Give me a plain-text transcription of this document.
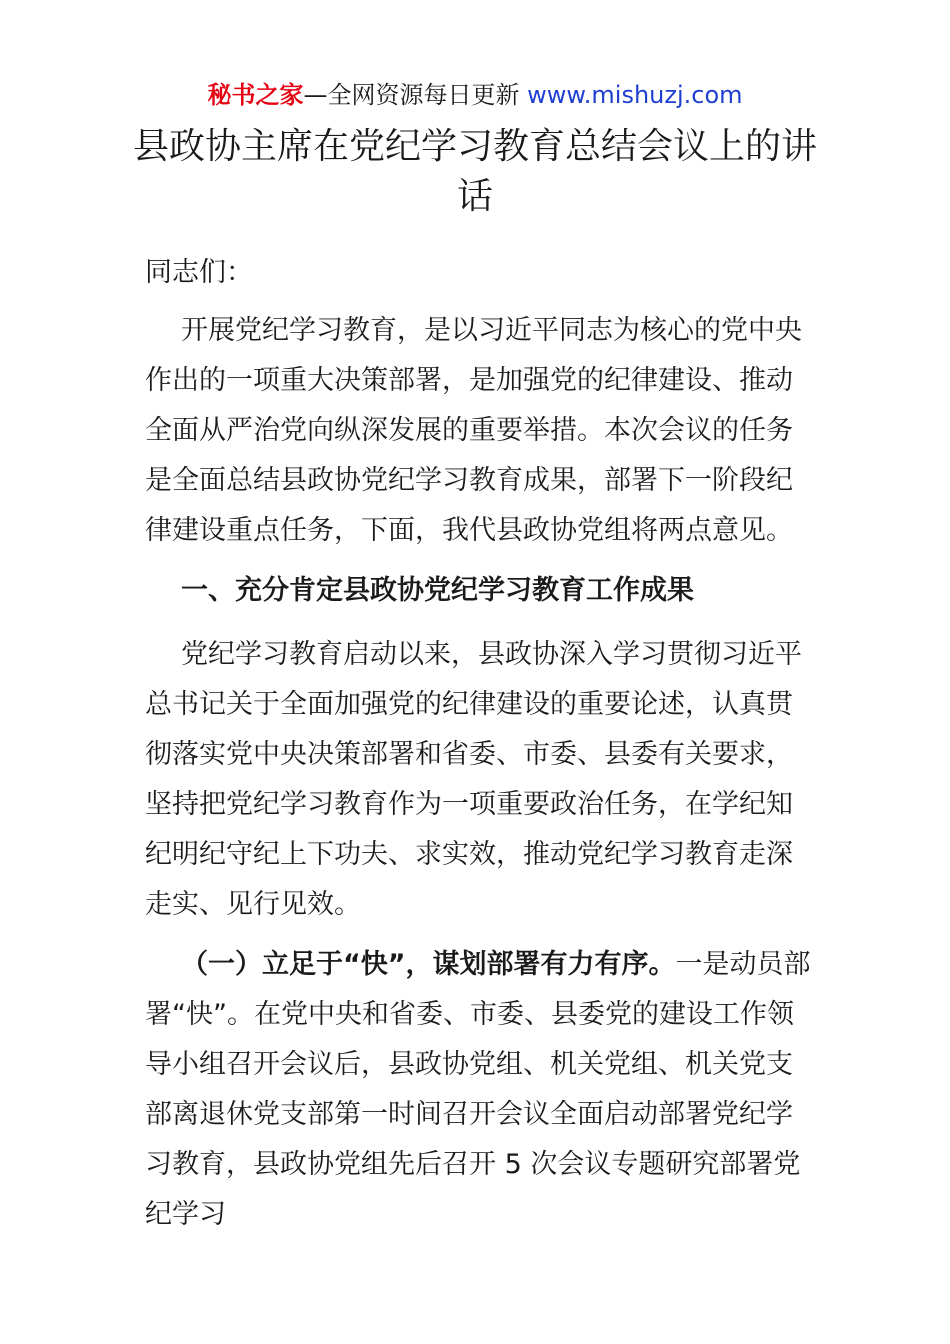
秘书之家—全网资源每日更新 www.mishuzj.com
县政协主席在党纪学习教育总结会议上的讲话

同志们：

开展党纪学习教育，是以习近平同志为核心的党中央作出的一项重大决策部署，是加强党的纪律建设、推动全面从严治党向纵深发展的重要举措。本次会议的任务是全面总结县政协党纪学习教育成果，部署下一阶段纪律建设重点任务，下面，我代县政协党组将两点意见。

一、充分肯定县政协党纪学习教育工作成果

党纪学习教育启动以来，县政协深入学习贯彻习近平总书记关于全面加强党的纪律建设的重要论述，认真贯彻落实党中央决策部署和省委、市委、县委有关要求，坚持把党纪学习教育作为一项重要政治任务，在学纪知纪明纪守纪上下功夫、求实效，推动党纪学习教育走深走实、见行见效。

（一）立足于“快”，谋划部署有力有序。一是动员部署“快”。在党中央和省委、市委、县委党的建设工作领导小组召开会议后，县政协党组、机关党组、机关党支部离退休党支部第一时间召开会议全面启动部署党纪学习教育，县政协党组先后召开 5 次会议专题研究部署党纪学习
